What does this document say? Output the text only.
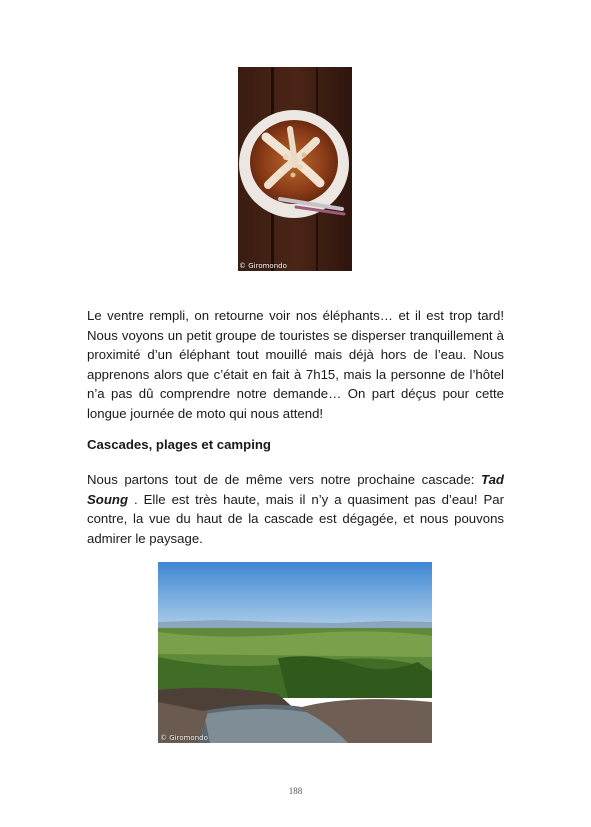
© Giromondo

Le ventre rempli, on retourne voir nos éléphants… et il est trop tard! Nous voyons un petit groupe de touristes se disperser tranquillement à proximité d’un éléphant tout mouillé mais déjà hors de l’eau. Nous apprenons alors que c’était en fait à 7h15, mais la personne de l’hôtel n’a pas dû comprendre notre demande… On part déçus pour cette longue journée de moto qui nous attend!

Cascades, plages et camping

Nous partons tout de de même vers notre prochaine cascade: Tad Soung . Elle est très haute, mais il n’y a quasiment pas d’eau! Par contre, la vue du haut de la cascade est dégagée, et nous pouvons admirer le paysage.

© Giromondo
188
